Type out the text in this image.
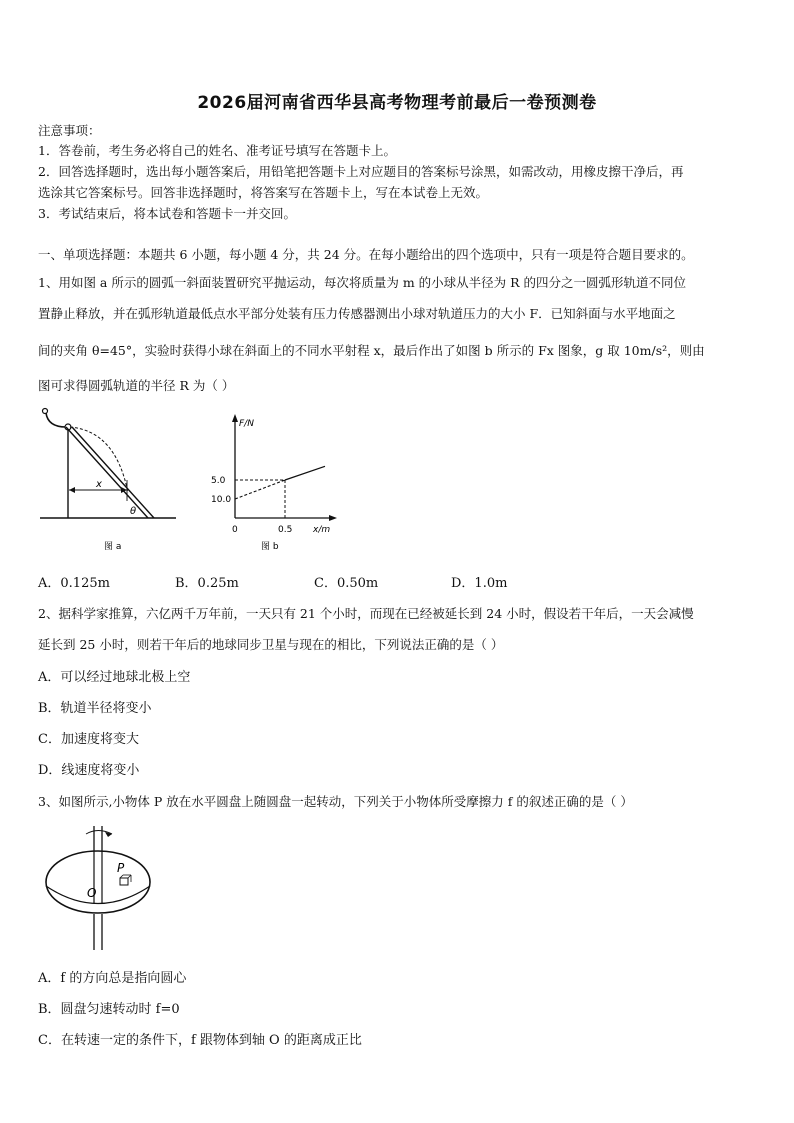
2026届河南省西华县高考物理考前最后一卷预测卷
注意事项：
1．答卷前，考生务必将自己的姓名、准考证号填写在答题卡上。
2．回答选择题时，选出每小题答案后，用铅笔把答题卡上对应题目的答案标号涂黑，如需改动，用橡皮擦干净后，再
选涂其它答案标号。回答非选择题时，将答案写在答题卡上，写在本试卷上无效。
3．考试结束后，将本试卷和答题卡一并交回。
一、单项选择题：本题共 6 小题，每小题 4 分，共 24 分。在每小题给出的四个选项中，只有一项是符合题目要求的。
1、用如图 a 所示的圆弧一斜面装置研究平抛运动，每次将质量为 m 的小球从半径为 R 的四分之一圆弧形轨道不同位
置静止释放，并在弧形轨道最低点水平部分处装有压力传感器测出小球对轨道压力的大小 F．已知斜面与水平地面之
间的夹角 θ=45°，实验时获得小球在斜面上的不同水平射程 x，最后作出了如图 b 所示的 Fx 图象，g 取 10m/s²，则由
图可求得圆弧轨道的半径 R 为（ ）
x
θ
图 a
F/N
x/m
10.0
5.0
0	0.5
图 b
A．0.125m	B．0.25m	C．0.50m	D．1.0m
2、据科学家推算，六亿两千万年前，一天只有 21 个小时，而现在已经被延长到 24 小时，假设若干年后，一天会减慢
延长到 25 小时，则若干年后的地球同步卫星与现在的相比，下列说法正确的是（ ）
A．可以经过地球北极上空
B．轨道半径将变小
C．加速度将变大
D．线速度将变小
3、如图所示,小物体 P 放在水平圆盘上随圆盘一起转动，下列关于小物体所受摩擦力 f 的叙述正确的是（ ）
P
O
A．f 的方向总是指向圆心
B．圆盘匀速转动时 f=0
C．在转速一定的条件下，f 跟物体到轴 O 的距离成正比
